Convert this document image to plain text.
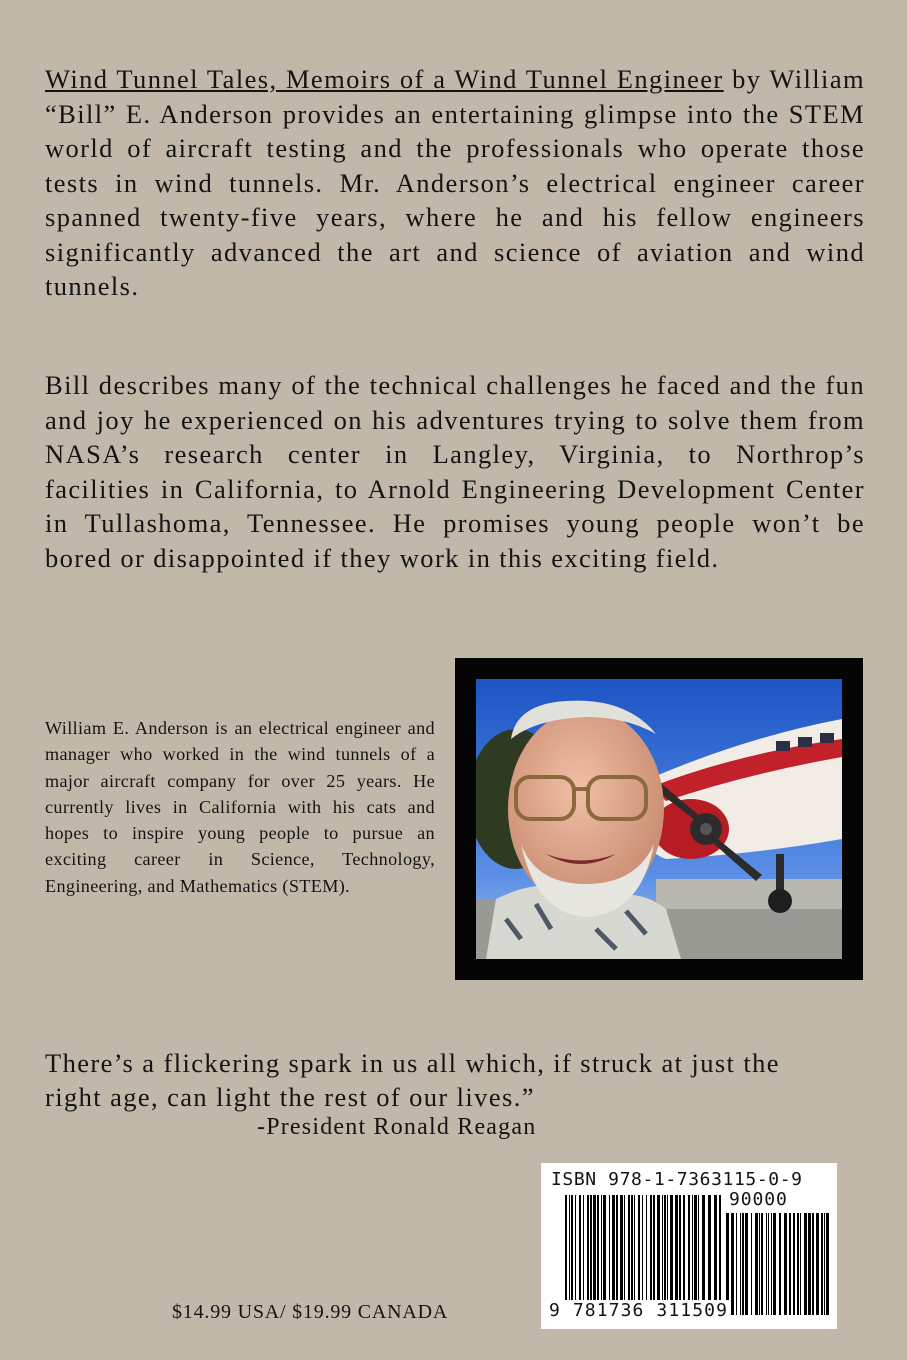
Wind Tunnel Tales, Memoirs of a Wind Tunnel Engineer by William “Bill” E. Anderson provides an entertaining glimpse into the STEM world of aircraft testing and the professionals who operate those tests in wind tunnels. Mr. Anderson’s electrical engineer career spanned twenty-five years, where he and his fellow engineers significantly advanced the art and science of aviation and wind tunnels.

Bill describes many of the technical challenges he faced and the fun and joy he experienced on his adventures trying to solve them from NASA’s research center in Langley, Virginia, to Northrop’s facilities in California, to Arnold Engineering Development Center in Tullashoma, Tennessee. He promises young people won’t be bored or disappointed if they work in this exciting field.

William E. Anderson is an electrical engineer and manager who worked in the wind tunnels of a major aircraft company for over 25 years. He currently lives in California with his cats and hopes to inspire young people to pursue an exciting career in Science, Technology, Engineering, and Mathematics (STEM).

There’s a flickering spark in us all which, if struck at just the right age, can light the rest of our lives.”

-President Ronald Reagan

$14.99 USA/ $19.99 CANADA

ISBN 978-1-7363115-0-9
90000
9 781736 311509
